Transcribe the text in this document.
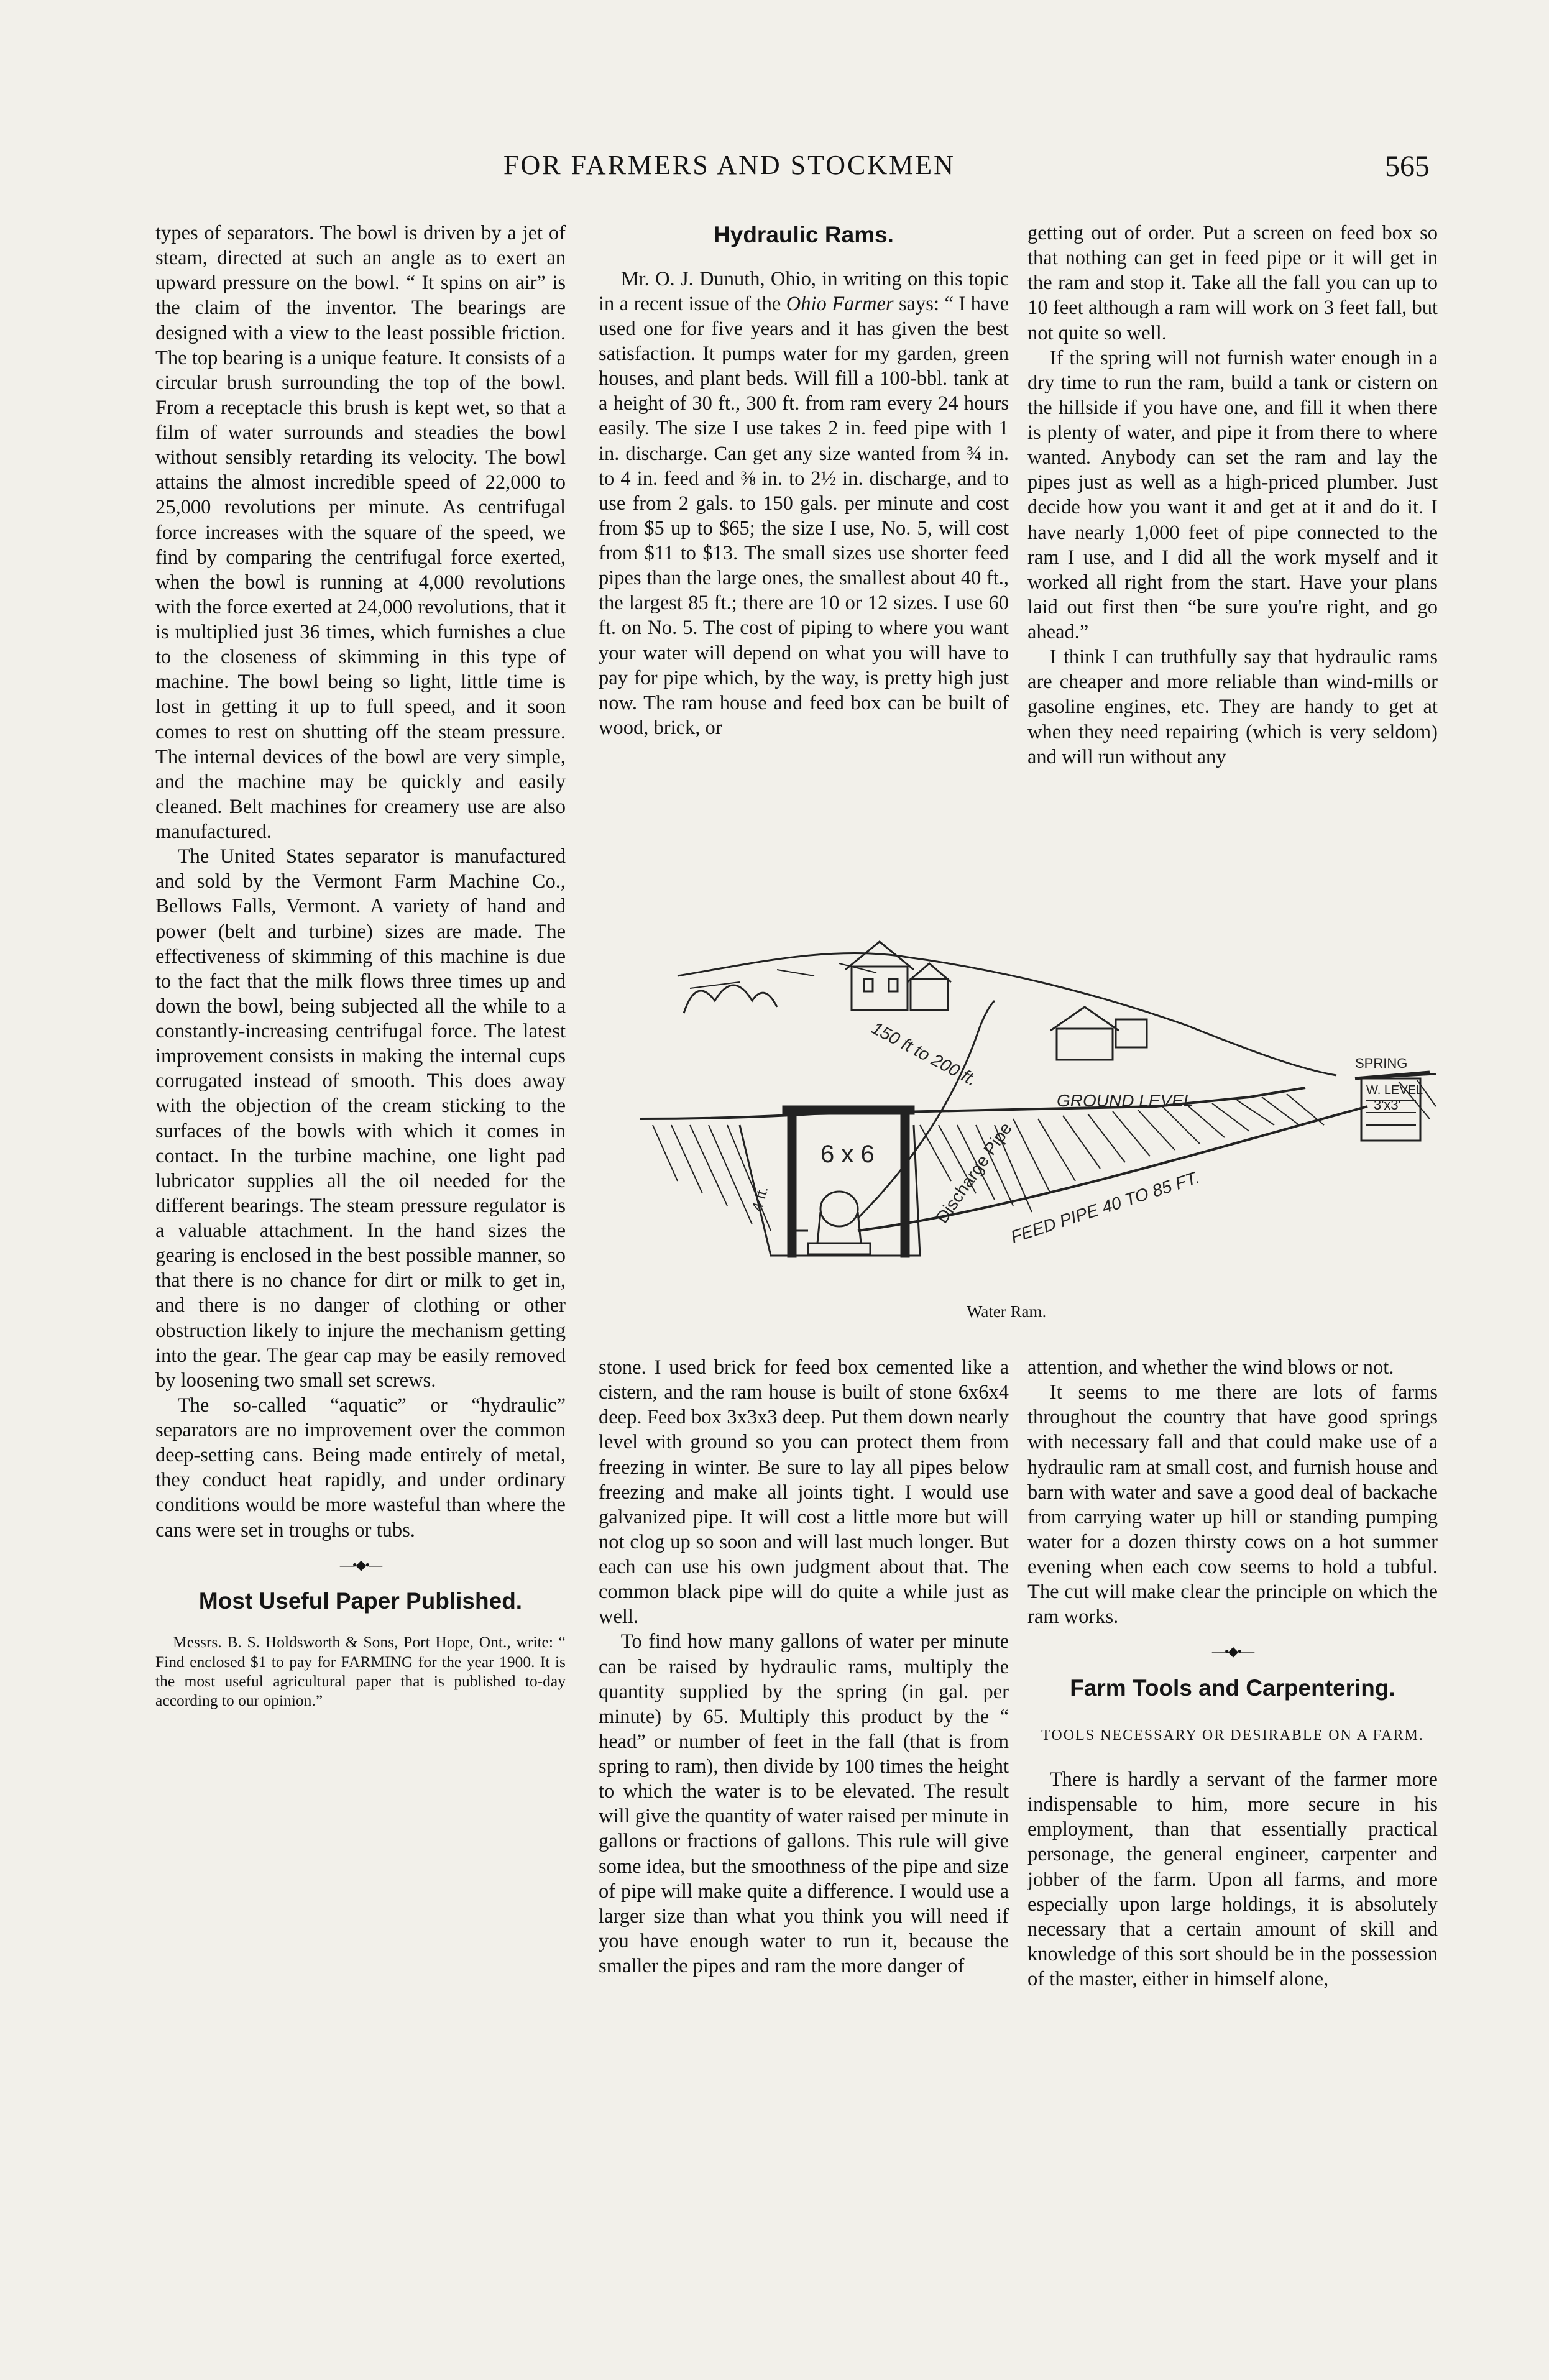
FOR FARMERS AND STOCKMEN	565

types of separators. The bowl is driven by a jet of steam, directed at such an angle as to exert an upward pressure on the bowl. “ It spins on air” is the claim of the inventor. The bearings are designed with a view to the least possible friction. The top bearing is a unique feature. It consists of a circular brush surrounding the top of the bowl. From a receptacle this brush is kept wet, so that a film of water surrounds and steadies the bowl without sensibly retarding its velocity. The bowl attains the almost incredible speed of 22,000 to 25,000 revolutions per minute. As centrifugal force increases with the square of the speed, we find by comparing the centrifugal force exerted, when the bowl is running at 4,000 revolutions with the force exerted at 24,000 revolutions, that it is multiplied just 36 times, which furnishes a clue to the closeness of skimming in this type of machine. The bowl being so light, little time is lost in getting it up to full speed, and it soon comes to rest on shutting off the steam pressure. The internal devices of the bowl are very simple, and the machine may be quickly and easily cleaned. Belt machines for creamery use are also manufactured.

The United States separator is manufactured and sold by the Vermont Farm Machine Co., Bellows Falls, Vermont. A variety of hand and power (belt and turbine) sizes are made. The effectiveness of skimming of this machine is due to the fact that the milk flows three times up and down the bowl, being subjected all the while to a constantly-increasing centrifugal force. The latest improvement consists in making the internal cups corrugated instead of smooth. This does away with the objection of the cream sticking to the surfaces of the bowls with which it comes in contact. In the turbine machine, one light pad lubricator supplies all the oil needed for the different bearings. The steam pressure regulator is a valuable attachment. In the hand sizes the gearing is enclosed in the best possible manner, so that there is no chance for dirt or milk to get in, and there is no danger of clothing or other obstruction likely to injure the mechanism getting into the gear. The gear cap may be easily removed by loosening two small set screws.

The so-called “aquatic” or “hydraulic” separators are no improvement over the common deep-setting cans. Being made entirely of metal, they conduct heat rapidly, and under ordinary conditions would be more wasteful than where the cans were set in troughs or tubs.

—•◆•—
Most Useful Paper Published.

Messrs. B. S. Holdsworth & Sons, Port Hope, Ont., write: “ Find enclosed $1 to pay for FARMING for the year 1900. It is the most useful agricultural paper that is published to-day according to our opinion.”

Hydraulic Rams.

Mr. O. J. Dunuth, Ohio, in writing on this topic in a recent issue of the Ohio Farmer says: “ I have used one for five years and it has given the best satisfaction. It pumps water for my garden, green houses, and plant beds. Will fill a 100-bbl. tank at a height of 30 ft., 300 ft. from ram every 24 hours easily. The size I use takes 2 in. feed pipe with 1 in. discharge. Can get any size wanted from ¾ in. to 4 in. feed and ⅜ in. to 2½ in. discharge, and to use from 2 gals. to 150 gals. per minute and cost from $5 up to $65; the size I use, No. 5, will cost from $11 to $13. The small sizes use shorter feed pipes than the large ones, the smallest about 40 ft., the largest 85 ft.; there are 10 or 12 sizes. I use 60 ft. on No. 5. The cost of piping to where you want your water will depend on what you will have to pay for pipe which, by the way, is pretty high just now. The ram house and feed box can be built of wood, brick, or

getting out of order. Put a screen on feed box so that nothing can get in feed pipe or it will get in the ram and stop it. Take all the fall you can up to 10 feet although a ram will work on 3 feet fall, but not quite so well.

If the spring will not furnish water enough in a dry time to run the ram, build a tank or cistern on the hillside if you have one, and fill it when there is plenty of water, and pipe it from there to where wanted. Anybody can set the ram and lay the pipes just as well as a high-priced plumber. Just decide how you want it and get at it and do it. I have nearly 1,000 feet of pipe connected to the ram I use, and I did all the work myself and it worked all right from the start. Have your plans laid out first then “be sure you're right, and go ahead.”

I think I can truthfully say that hydraulic rams are cheaper and more reliable than wind-mills or gasoline engines, etc. They are handy to get at when they need repairing (which is very seldom) and will run without any

GROUND LEVEL
SPRING
W. LEVEL
3'x3'
6 x 6
4 ft.	Discharge Pipe
FEED PIPE 40 TO 85 FT.
150 ft to 200 ft.
Water Ram.

stone. I used brick for feed box cemented like a cistern, and the ram house is built of stone 6x6x4 deep. Feed box 3x3x3 deep. Put them down nearly level with ground so you can protect them from freezing in winter. Be sure to lay all pipes below freezing and make all joints tight. I would use galvanized pipe. It will cost a little more but will not clog up so soon and will last much longer. But each can use his own judgment about that. The common black pipe will do quite a while just as well.

To find how many gallons of water per minute can be raised by hydraulic rams, multiply the quantity supplied by the spring (in gal. per minute) by 65. Multiply this product by the “ head” or number of feet in the fall (that is from spring to ram), then divide by 100 times the height to which the water is to be elevated. The result will give the quantity of water raised per minute in gallons or fractions of gallons. This rule will give some idea, but the smoothness of the pipe and size of pipe will make quite a difference. I would use a larger size than what you think you will need if you have enough water to run it, because the smaller the pipes and ram the more danger of

attention, and whether the wind blows or not.

It seems to me there are lots of farms throughout the country that have good springs with necessary fall and that could make use of a hydraulic ram at small cost, and furnish house and barn with water and save a good deal of backache from carrying water up hill or standing pumping water for a dozen thirsty cows on a hot summer evening when each cow seems to hold a tubful. The cut will make clear the principle on which the ram works.

—•◆•—
Farm Tools and Carpentering.
TOOLS NECESSARY OR DESIRABLE ON A FARM.

There is hardly a servant of the farmer more indispensable to him, more secure in his employment, than that essentially practical personage, the general engineer, carpenter and jobber of the farm. Upon all farms, and more especially upon large holdings, it is absolutely necessary that a certain amount of skill and knowledge of this sort should be in the possession of the master, either in himself alone,
